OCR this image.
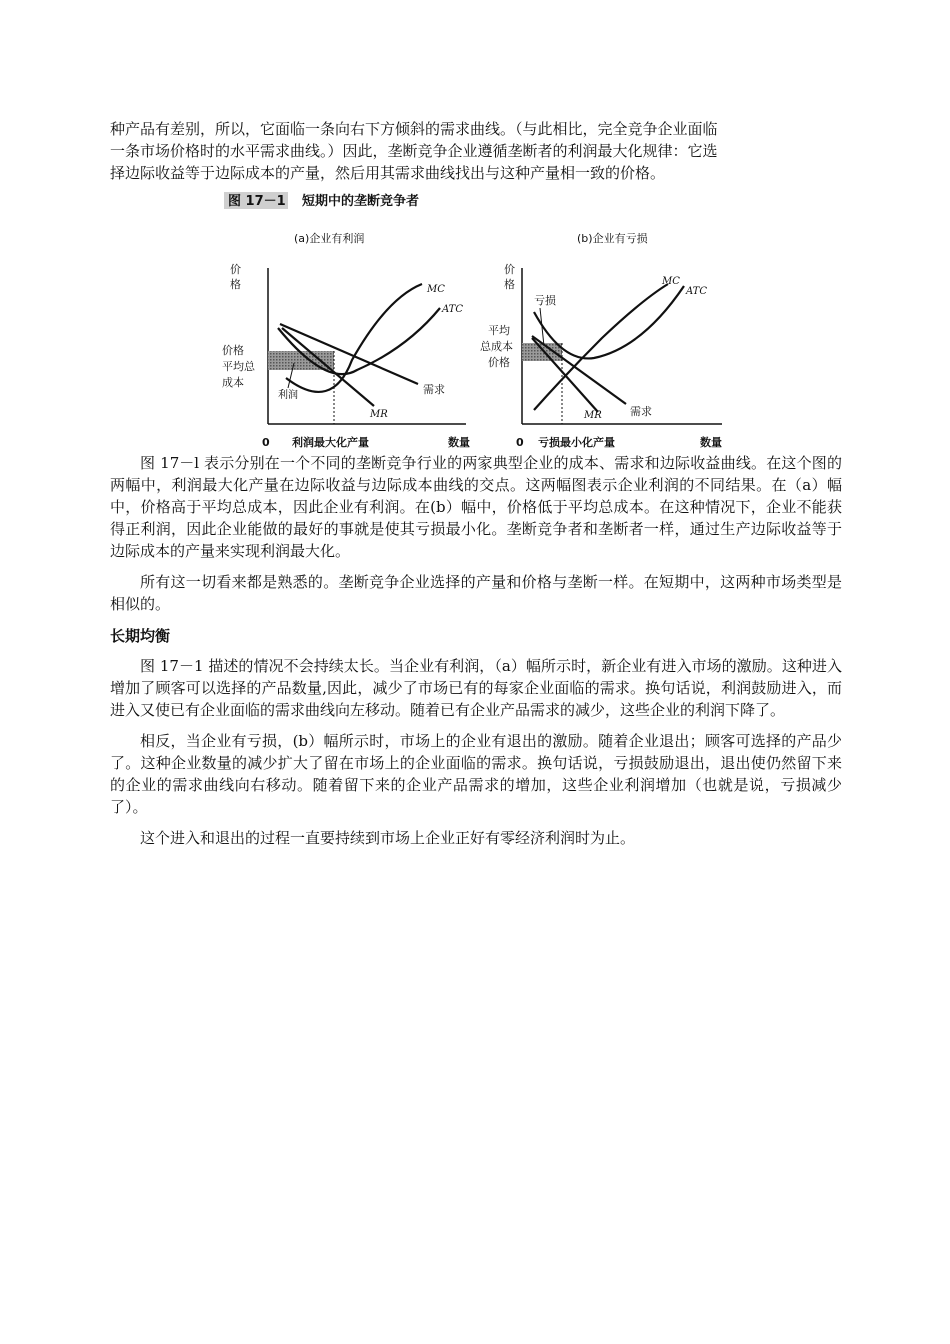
种产品有差别，所以，它面临一条向右下方倾斜的需求曲线。（与此相比，完全竞争企业面临

一条市场价格时的水平需求曲线。）因此，垄断竞争企业遵循垄断者的利润最大化规律：它选

择边际收益等于边际成本的产量，然后用其需求曲线找出与这种产量相一致的价格。

图 17－1 短期中的垄断竞争者
(a)企业有利润
价
格	MC
ATC
需求
MR
价格
平均总
成本
利润
0 利润最大化产量	数量
(b)企业有亏损
价
格	MC
ATC
需求
MR
亏损
平均
总成本
价格
0 亏损最小化产量	数量

图 17－l 表示分别在一个不同的垄断竞争行业的两家典型企业的成本、需求和边际收益曲线。在这个图的两幅中，利润最大化产量在边际收益与边际成本曲线的交点。这两幅图表示企业利润的不同结果。在（a）幅中，价格高于平均总成本，因此企业有利润。在(b）幅中，价格低于平均总成本。在这种情况下，企业不能获得正利润，因此企业能做的最好的事就是使其亏损最小化。垄断竞争者和垄断者一样，通过生产边际收益等于边际成本的产量来实现利润最大化。

所有这一切看来都是熟悉的。垄断竞争企业选择的产量和价格与垄断一样。在短期中，这两种市场类型是相似的。

长期均衡

图 17－1 描述的情况不会持续太长。当企业有利润，（a）幅所示时，新企业有进入市场的激励。这种进入增加了顾客可以选择的产品数量,因此，减少了市场已有的每家企业面临的需求。换句话说，利润鼓励进入，而进入又使已有企业面临的需求曲线向左移动。随着已有企业产品需求的减少，这些企业的利润下降了。

相反，当企业有亏损，(b）幅所示时，市场上的企业有退出的激励。随着企业退出；顾客可选择的产品少了。这种企业数量的减少扩大了留在市场上的企业面临的需求。换句话说，亏损鼓励退出，退出使仍然留下来的企业的需求曲线向右移动。随着留下来的企业产品需求的增加，这些企业利润增加（也就是说，亏损减少了）。

这个进入和退出的过程一直要持续到市场上企业正好有零经济利润时为止。
